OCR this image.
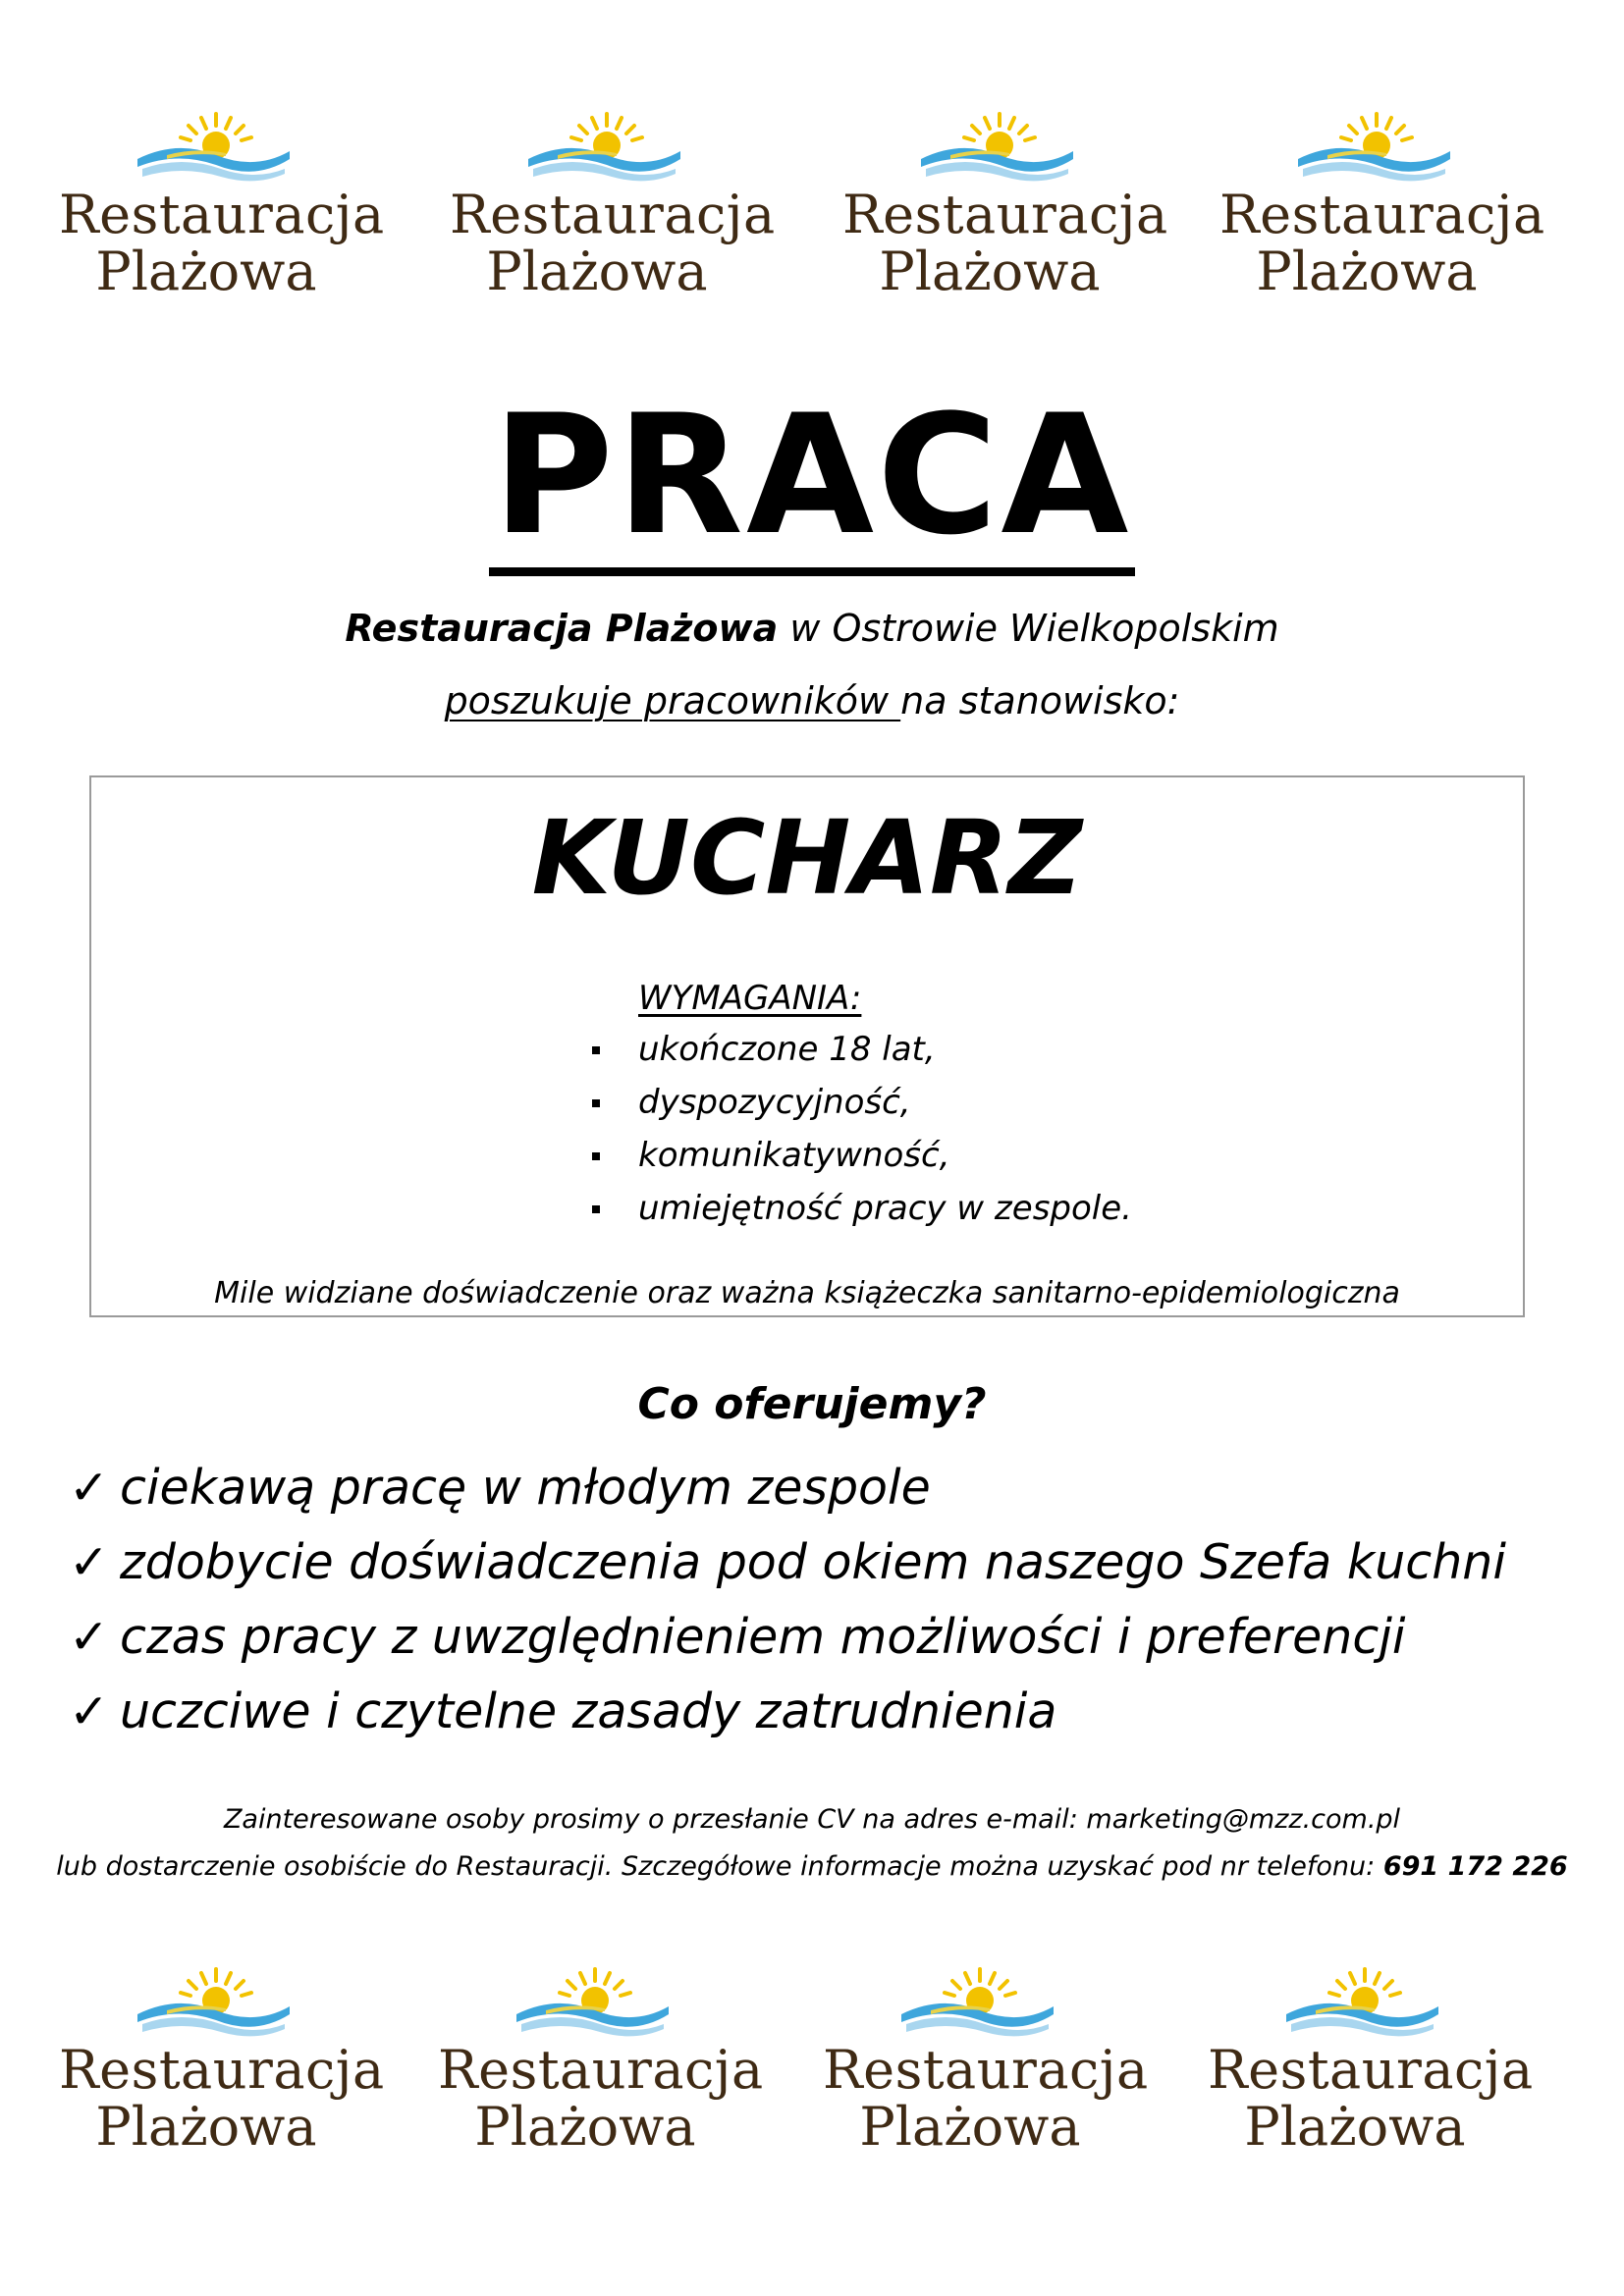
Restauracja
Plażowa
Restauracja
Plażowa
Restauracja
Plażowa
Restauracja
Plażowa
PRACA
Restauracja Plażowa w Ostrowie Wielkopolskim
poszukuje pracowników na stanowisko:
KUCHARZ
WYMAGANIA:
ukończone 18 lat,
dyspozycyjność,
komunikatywność,
umiejętność pracy w zespole.
Mile widziane doświadczenie oraz ważna książeczka sanitarno-epidemiologiczna
Co oferujemy?
✓ ciekawą pracę w młodym zespole
✓ zdobycie doświadczenia pod okiem naszego Szefa kuchni
✓ czas pracy z uwzględnieniem możliwości i preferencji
✓ uczciwe i czytelne zasady zatrudnienia
Zainteresowane osoby prosimy o przesłanie CV na adres e-mail: marketing@mzz.com.pl
lub dostarczenie osobiście do Restauracji. Szczegółowe informacje można uzyskać pod nr telefonu: 691 172 226
Restauracja
Plażowa
Restauracja
Plażowa
Restauracja
Plażowa
Restauracja
Plażowa
